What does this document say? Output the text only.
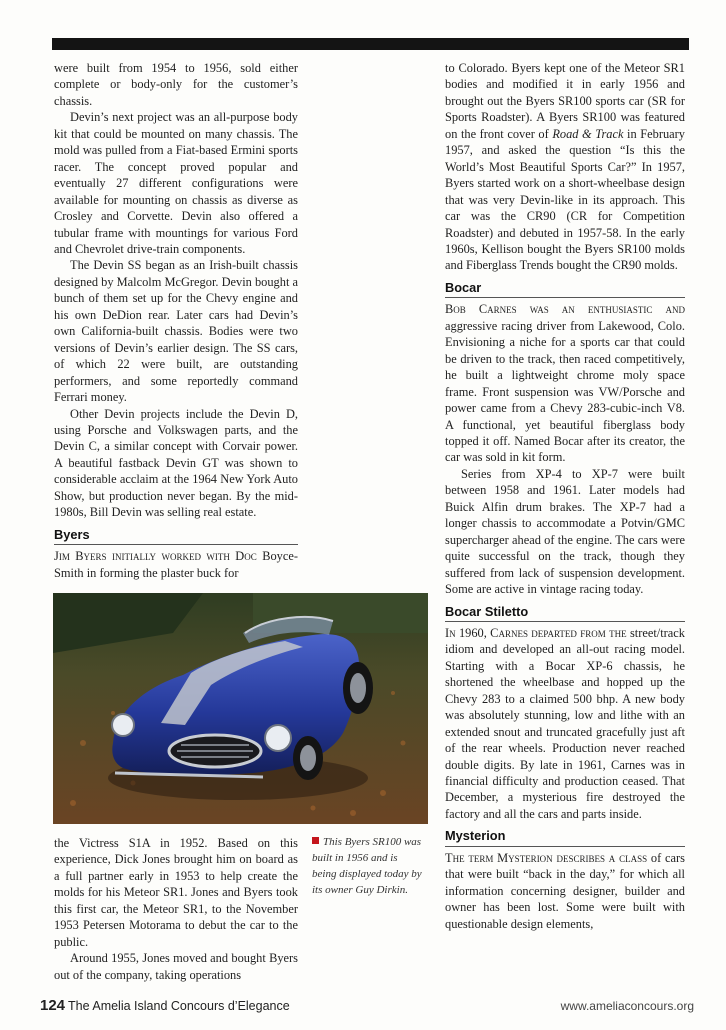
were built from 1954 to 1956, sold either complete or body-only for the customer’s chassis.

Devin’s next project was an all-purpose body kit that could be mounted on many chassis. The mold was pulled from a Fiat-based Ermini sports racer. The concept proved popular and eventually 27 different configurations were available for mounting on chassis as diverse as Crosley and Corvette. Devin also offered a tubular frame with mountings for various Ford and Chevrolet drive-train components.

The Devin SS began as an Irish-built chassis designed by Malcolm McGregor. Devin bought a bunch of them set up for the Chevy engine and his own DeDion rear. Later cars had Devin’s own California-built chassis. Bodies were two versions of Devin’s earlier design. The SS cars, of which 22 were built, are outstanding performers, and some reportedly command Ferrari money.

Other Devin projects include the Devin D, using Porsche and Volkswagen parts, and the Devin C, a similar concept with Corvair power. A beautiful fastback Devin GT was shown to considerable acclaim at the 1964 New York Auto Show, but production never began. By the mid-1980s, Bill Devin was selling real estate.

Byers

Jim Byers initially worked with Doc Boyce-Smith in forming the plaster buck for

This Byers SR100 was built in 1956 and is being displayed today by its owner Guy Dirkin.

the Victress S1A in 1952. Based on this experience, Dick Jones brought him on board as a full partner early in 1953 to help create the molds for his Meteor SR1. Jones and Byers took this first car, the Meteor SR1, to the November 1953 Petersen Motorama to debut the car to the public.

Around 1955, Jones moved and bought Byers out of the company, taking operations

to Colorado. Byers kept one of the Meteor SR1 bodies and modified it in early 1956 and brought out the Byers SR100 sports car (SR for Sports Roadster). A Byers SR100 was featured on the front cover of Road & Track in February 1957, and asked the question “Is this the World’s Most Beautiful Sports Car?” In 1957, Byers started work on a short-wheelbase design that was very Devin-like in its approach. This car was the CR90 (CR for Competition Roadster) and debuted in 1957-58. In the early 1960s, Kellison bought the Byers SR100 molds and Fiberglass Trends bought the CR90 molds.

Bocar

Bob Carnes was an enthusiastic and aggressive racing driver from Lakewood, Colo. Envisioning a niche for a sports car that could be driven to the track, then raced competitively, he built a lightweight chrome moly space frame. Front suspension was VW/Porsche and power came from a Chevy 283-cubic-inch V8. A functional, yet beautiful fiberglass body topped it off. Named Bocar after its creator, the car was sold in kit form.

Series from XP-4 to XP-7 were built between 1958 and 1961. Later models had Buick Alfin drum brakes. The XP-7 had a longer chassis to accommodate a Potvin/GMC supercharger ahead of the engine. The cars were quite successful on the track, though they suffered from lack of suspension development. Some are active in vintage racing today.

Bocar Stiletto

In 1960, Carnes departed from the street/track idiom and developed an all-out racing model. Starting with a Bocar XP-6 chassis, he shortened the wheelbase and hopped up the Chevy 283 to a claimed 500 bhp. A new body was absolutely stunning, low and lithe with an extended snout and truncated gracefully just aft of the rear wheels. Production never reached double digits. By late in 1961, Carnes was in financial difficulty and production ceased. That December, a mysterious fire destroyed the factory and all the cars and parts inside.

Mysterion

The term Mysterion describes a class of cars that were built “back in the day,” for which all information concerning designer, builder and owner has been lost. Some were built with questionable design elements,

124 The Amelia Island Concours d’Elegance	www.ameliaconcours.org
